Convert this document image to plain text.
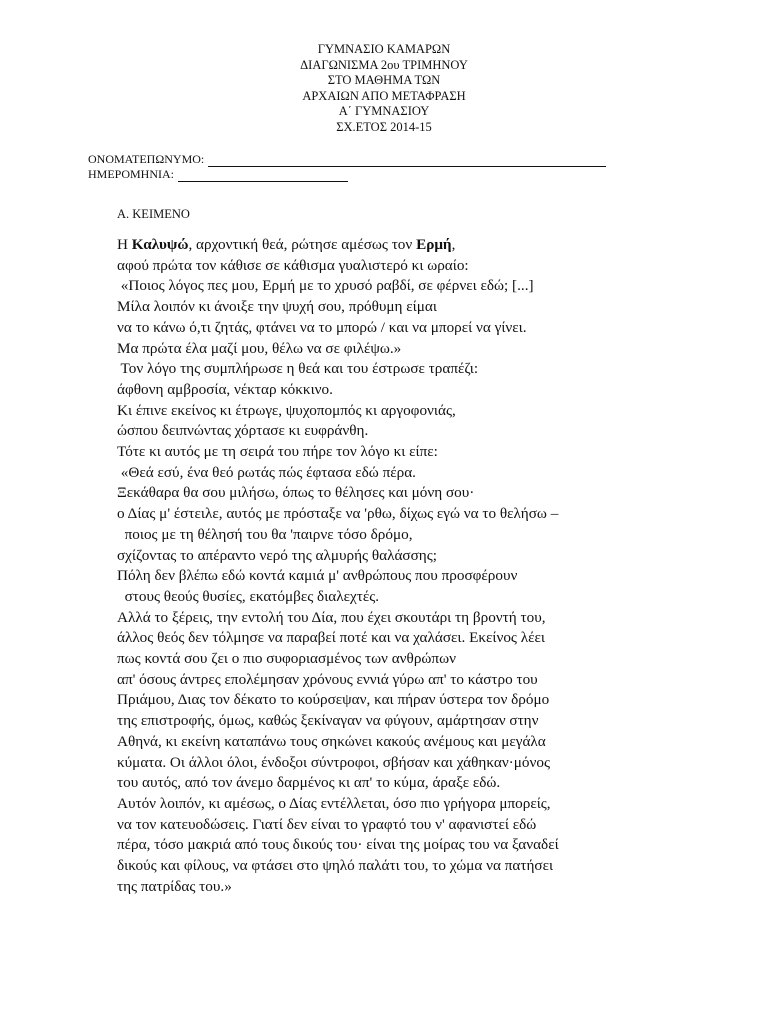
ΓΥΜΝΑΣΙΟ ΚΑΜΑΡΩΝ
ΔΙΑΓΩΝΙΣΜΑ 2ου ΤΡΙΜΗΝΟΥ
ΣΤΟ ΜΑΘΗΜΑ ΤΩΝ
ΑΡΧΑΙΩΝ ΑΠΟ ΜΕΤΑΦΡΑΣΗ
Α΄ ΓΥΜΝΑΣΙΟΥ
ΣΧ.ΕΤΟΣ 2014-15
ΟΝΟΜΑΤΕΠΩΝΥΜΟ:
ΗΜΕΡΟΜΗΝΙΑ:
Α. ΚΕΙΜΕΝΟ
Η Καλυψώ, αρχοντική θεά, ρώτησε αμέσως τον Ερμή,
αφού πρώτα τον κάθισε σε κάθισμα γυαλιστερό κι ωραίο:
«Ποιος λόγος πες μου, Ερμή με το χρυσό ραβδί, σε φέρνει εδώ; [...]
Μίλα λοιπόν κι άνοιξε την ψυχή σου, πρόθυμη είμαι
να το κάνω ό,τι ζητάς, φτάνει να το μπορώ / και να μπορεί να γίνει.
Μα πρώτα έλα μαζί μου, θέλω να σε φιλέψω.»
Τον λόγο της συμπλήρωσε η θεά και του έστρωσε τραπέζι:
άφθονη αμβροσία, νέκταρ κόκκινο.
Κι έπινε εκείνος κι έτρωγε, ψυχοπομπός κι αργοφονιάς,
ώσπου δειπνώντας χόρτασε κι ευφράνθη.
Τότε κι αυτός με τη σειρά του πήρε τον λόγο κι είπε:
«Θεά εσύ, ένα θεό ρωτάς πώς έφτασα εδώ πέρα.
Ξεκάθαρα θα σου μιλήσω, όπως το θέλησες και μόνη σου·
ο Δίας μ' έστειλε, αυτός με πρόσταξε να 'ρθω, δίχως εγώ να το θελήσω –
ποιος με τη θέλησή του θα 'παιρνε τόσο δρόμο,
σχίζοντας το απέραντο νερό της αλμυρής θαλάσσης;
Πόλη δεν βλέπω εδώ κοντά καμιά μ' ανθρώπους που προσφέρουν
στους θεούς θυσίες, εκατόμβες διαλεχτές.
Αλλά το ξέρεις, την εντολή του Δία, που έχει σκουτάρι τη βροντή του,
άλλος θεός δεν τόλμησε να παραβεί ποτέ και να χαλάσει. Εκείνος λέει
πως κοντά σου ζει ο πιο συφοριασμένος των ανθρώπων
απ' όσους άντρες επολέμησαν χρόνους εννιά γύρω απ' το κάστρο του
Πριάμου, Διας τον δέκατο το κούρσεψαν, και πήραν ύστερα τον δρόμο
της επιστροφής, όμως, καθώς ξεκίναγαν να φύγουν, αμάρτησαν στην
Αθηνά, κι εκείνη καταπάνω τους σηκώνει κακούς ανέμους και μεγάλα
κύματα. Οι άλλοι όλοι, ένδοξοι σύντροφοι, σβήσαν και χάθηκαν·μόνος
του αυτός, από τον άνεμο δαρμένος κι απ' το κύμα, άραξε εδώ.
Αυτόν λοιπόν, κι αμέσως, ο Δίας εντέλλεται, όσο πιο γρήγορα μπορείς,
να τον κατευοδώσεις. Γιατί δεν είναι το γραφτό του ν' αφανιστεί εδώ
πέρα, τόσο μακριά από τους δικούς του· είναι της μοίρας του να ξαναδεί
δικούς και φίλους, να φτάσει στο ψηλό παλάτι του, το χώμα να πατήσει
της πατρίδας του.»
